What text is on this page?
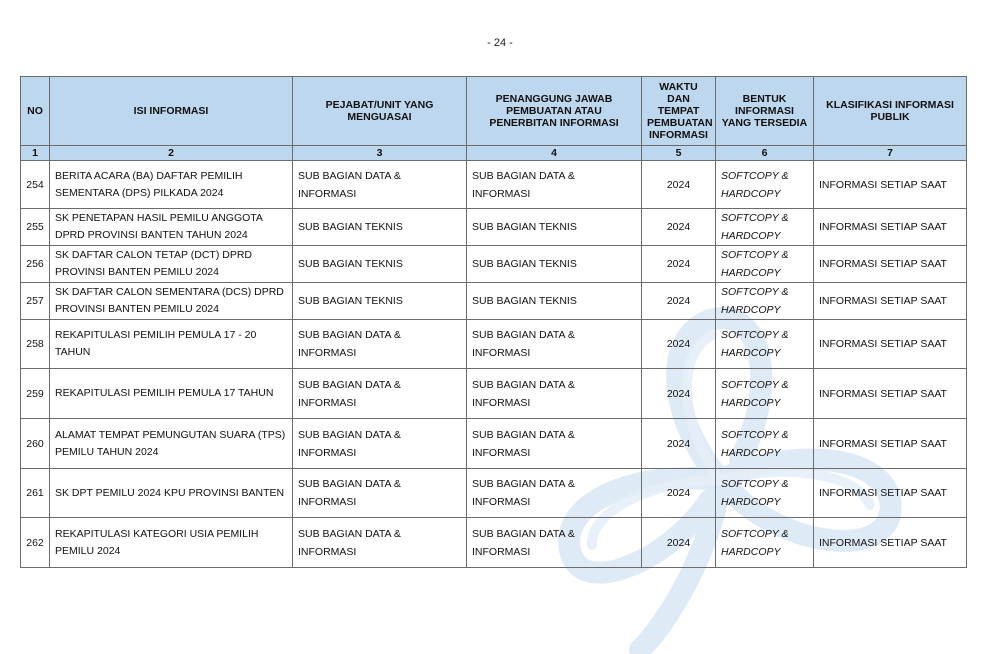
- 24 -
NO	ISI INFORMASI	PEJABAT/UNIT YANG MENGUASAI	PENANGGUNG JAWAB PEMBUATAN ATAU PENERBITAN INFORMASI	WAKTU DAN TEMPAT PEMBUATAN INFORMASI	BENTUK INFORMASI YANG TERSEDIA	KLASIFIKASI INFORMASI PUBLIK
1	2	3	4	5	6	7
254	BERITA ACARA (BA) DAFTAR PEMILIH SEMENTARA (DPS) PILKADA 2024	SUB BAGIAN DATA & INFORMASI	SUB BAGIAN DATA & INFORMASI	2024	SOFTCOPY & HARDCOPY	INFORMASI SETIAP SAAT
255	SK PENETAPAN HASIL PEMILU ANGGOTA DPRD PROVINSI BANTEN TAHUN 2024	SUB BAGIAN TEKNIS	SUB BAGIAN TEKNIS	2024	SOFTCOPY & HARDCOPY	INFORMASI SETIAP SAAT
256	SK DAFTAR CALON TETAP (DCT) DPRD PROVINSI BANTEN PEMILU 2024	SUB BAGIAN TEKNIS	SUB BAGIAN TEKNIS	2024	SOFTCOPY & HARDCOPY	INFORMASI SETIAP SAAT
257	SK DAFTAR CALON SEMENTARA (DCS) DPRD PROVINSI BANTEN PEMILU 2024	SUB BAGIAN TEKNIS	SUB BAGIAN TEKNIS	2024	SOFTCOPY & HARDCOPY	INFORMASI SETIAP SAAT
258	REKAPITULASI PEMILIH PEMULA 17 - 20 TAHUN	SUB BAGIAN DATA & INFORMASI	SUB BAGIAN DATA & INFORMASI	2024	SOFTCOPY & HARDCOPY	INFORMASI SETIAP SAAT
259	REKAPITULASI PEMILIH PEMULA 17 TAHUN	SUB BAGIAN DATA & INFORMASI	SUB BAGIAN DATA & INFORMASI	2024	SOFTCOPY & HARDCOPY	INFORMASI SETIAP SAAT
260	ALAMAT TEMPAT PEMUNGUTAN SUARA (TPS) PEMILU TAHUN 2024	SUB BAGIAN DATA & INFORMASI	SUB BAGIAN DATA & INFORMASI	2024	SOFTCOPY & HARDCOPY	INFORMASI SETIAP SAAT
261	SK DPT PEMILU 2024 KPU PROVINSI BANTEN	SUB BAGIAN DATA & INFORMASI	SUB BAGIAN DATA & INFORMASI	2024	SOFTCOPY & HARDCOPY	INFORMASI SETIAP SAAT
262	REKAPITULASI KATEGORI USIA PEMILIH PEMILU 2024	SUB BAGIAN DATA & INFORMASI	SUB BAGIAN DATA & INFORMASI	2024	SOFTCOPY & HARDCOPY	INFORMASI SETIAP SAAT
